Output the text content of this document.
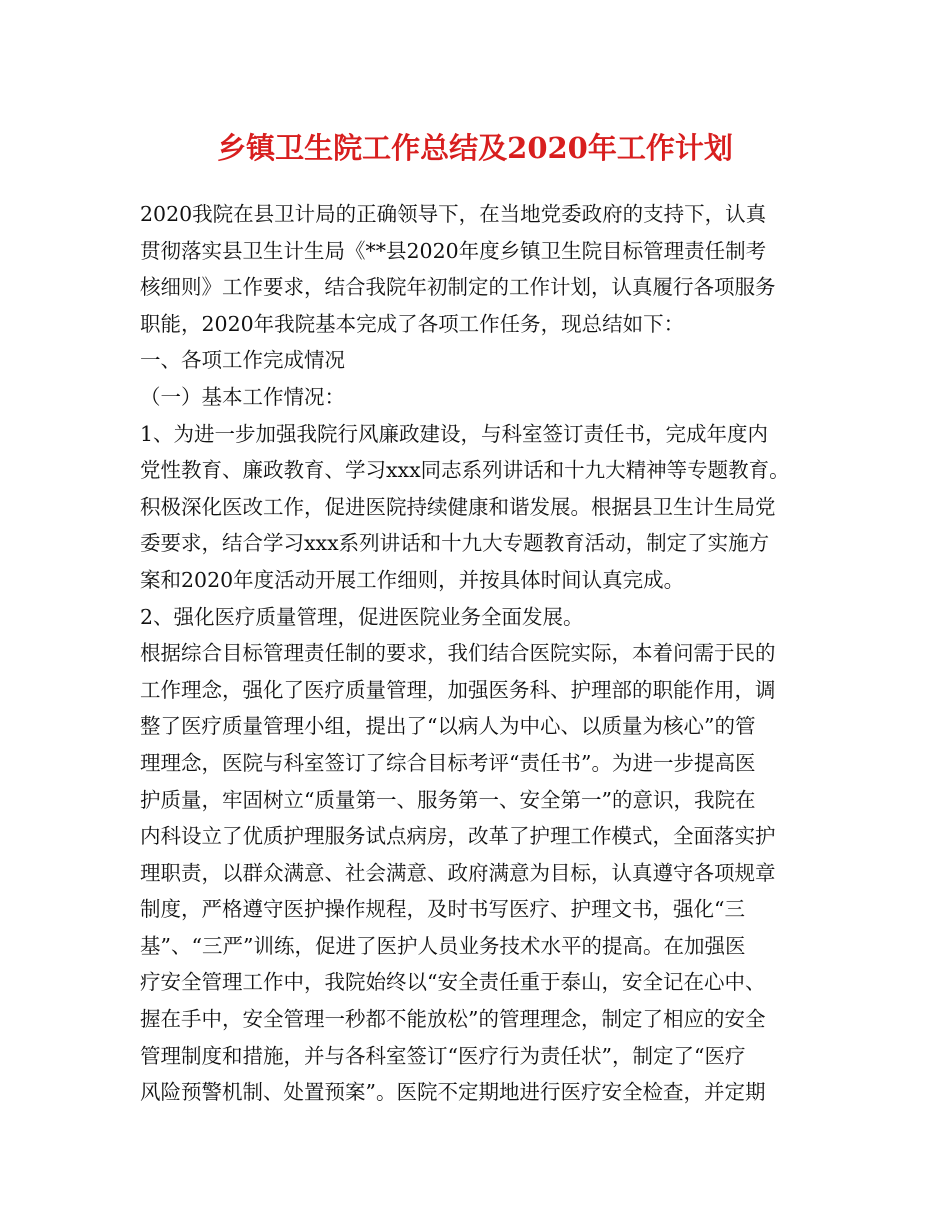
乡镇卫生院工作总结及2020年工作计划
2020我院在县卫计局的正确领导下，在当地党委政府的支持下，认真
贯彻落实县卫生计生局《**县2020年度乡镇卫生院目标管理责任制考
核细则》工作要求，结合我院年初制定的工作计划，认真履行各项服务
职能，2020年我院基本完成了各项工作任务，现总结如下：
一、各项工作完成情况
（一）基本工作情况：
1、为进一步加强我院行风廉政建设，与科室签订责任书，完成年度内
党性教育、廉政教育、学习xxx同志系列讲话和十九大精神等专题教育。
积极深化医改工作，促进医院持续健康和谐发展。根据县卫生计生局党
委要求，结合学习xxx系列讲话和十九大专题教育活动，制定了实施方
案和2020年度活动开展工作细则，并按具体时间认真完成。
2、强化医疗质量管理，促进医院业务全面发展。
根据综合目标管理责任制的要求，我们结合医院实际，本着问需于民的
工作理念，强化了医疗质量管理，加强医务科、护理部的职能作用，调
整了医疗质量管理小组，提出了“以病人为中心、以质量为核心”的管
理理念，医院与科室签订了综合目标考评“责任书”。为进一步提高医
护质量，牢固树立“质量第一、服务第一、安全第一”的意识，我院在
内科设立了优质护理服务试点病房，改革了护理工作模式，全面落实护
理职责，以群众满意、社会满意、政府满意为目标，认真遵守各项规章
制度，严格遵守医护操作规程，及时书写医疗、护理文书，强化“三
基”、“三严”训练，促进了医护人员业务技术水平的提高。在加强医
疗安全管理工作中，我院始终以“安全责任重于泰山，安全记在心中、
握在手中，安全管理一秒都不能放松”的管理理念，制定了相应的安全
管理制度和措施，并与各科室签订“医疗行为责任状”，制定了“医疗
风险预警机制、处置预案”。医院不定期地进行医疗安全检查，并定期
